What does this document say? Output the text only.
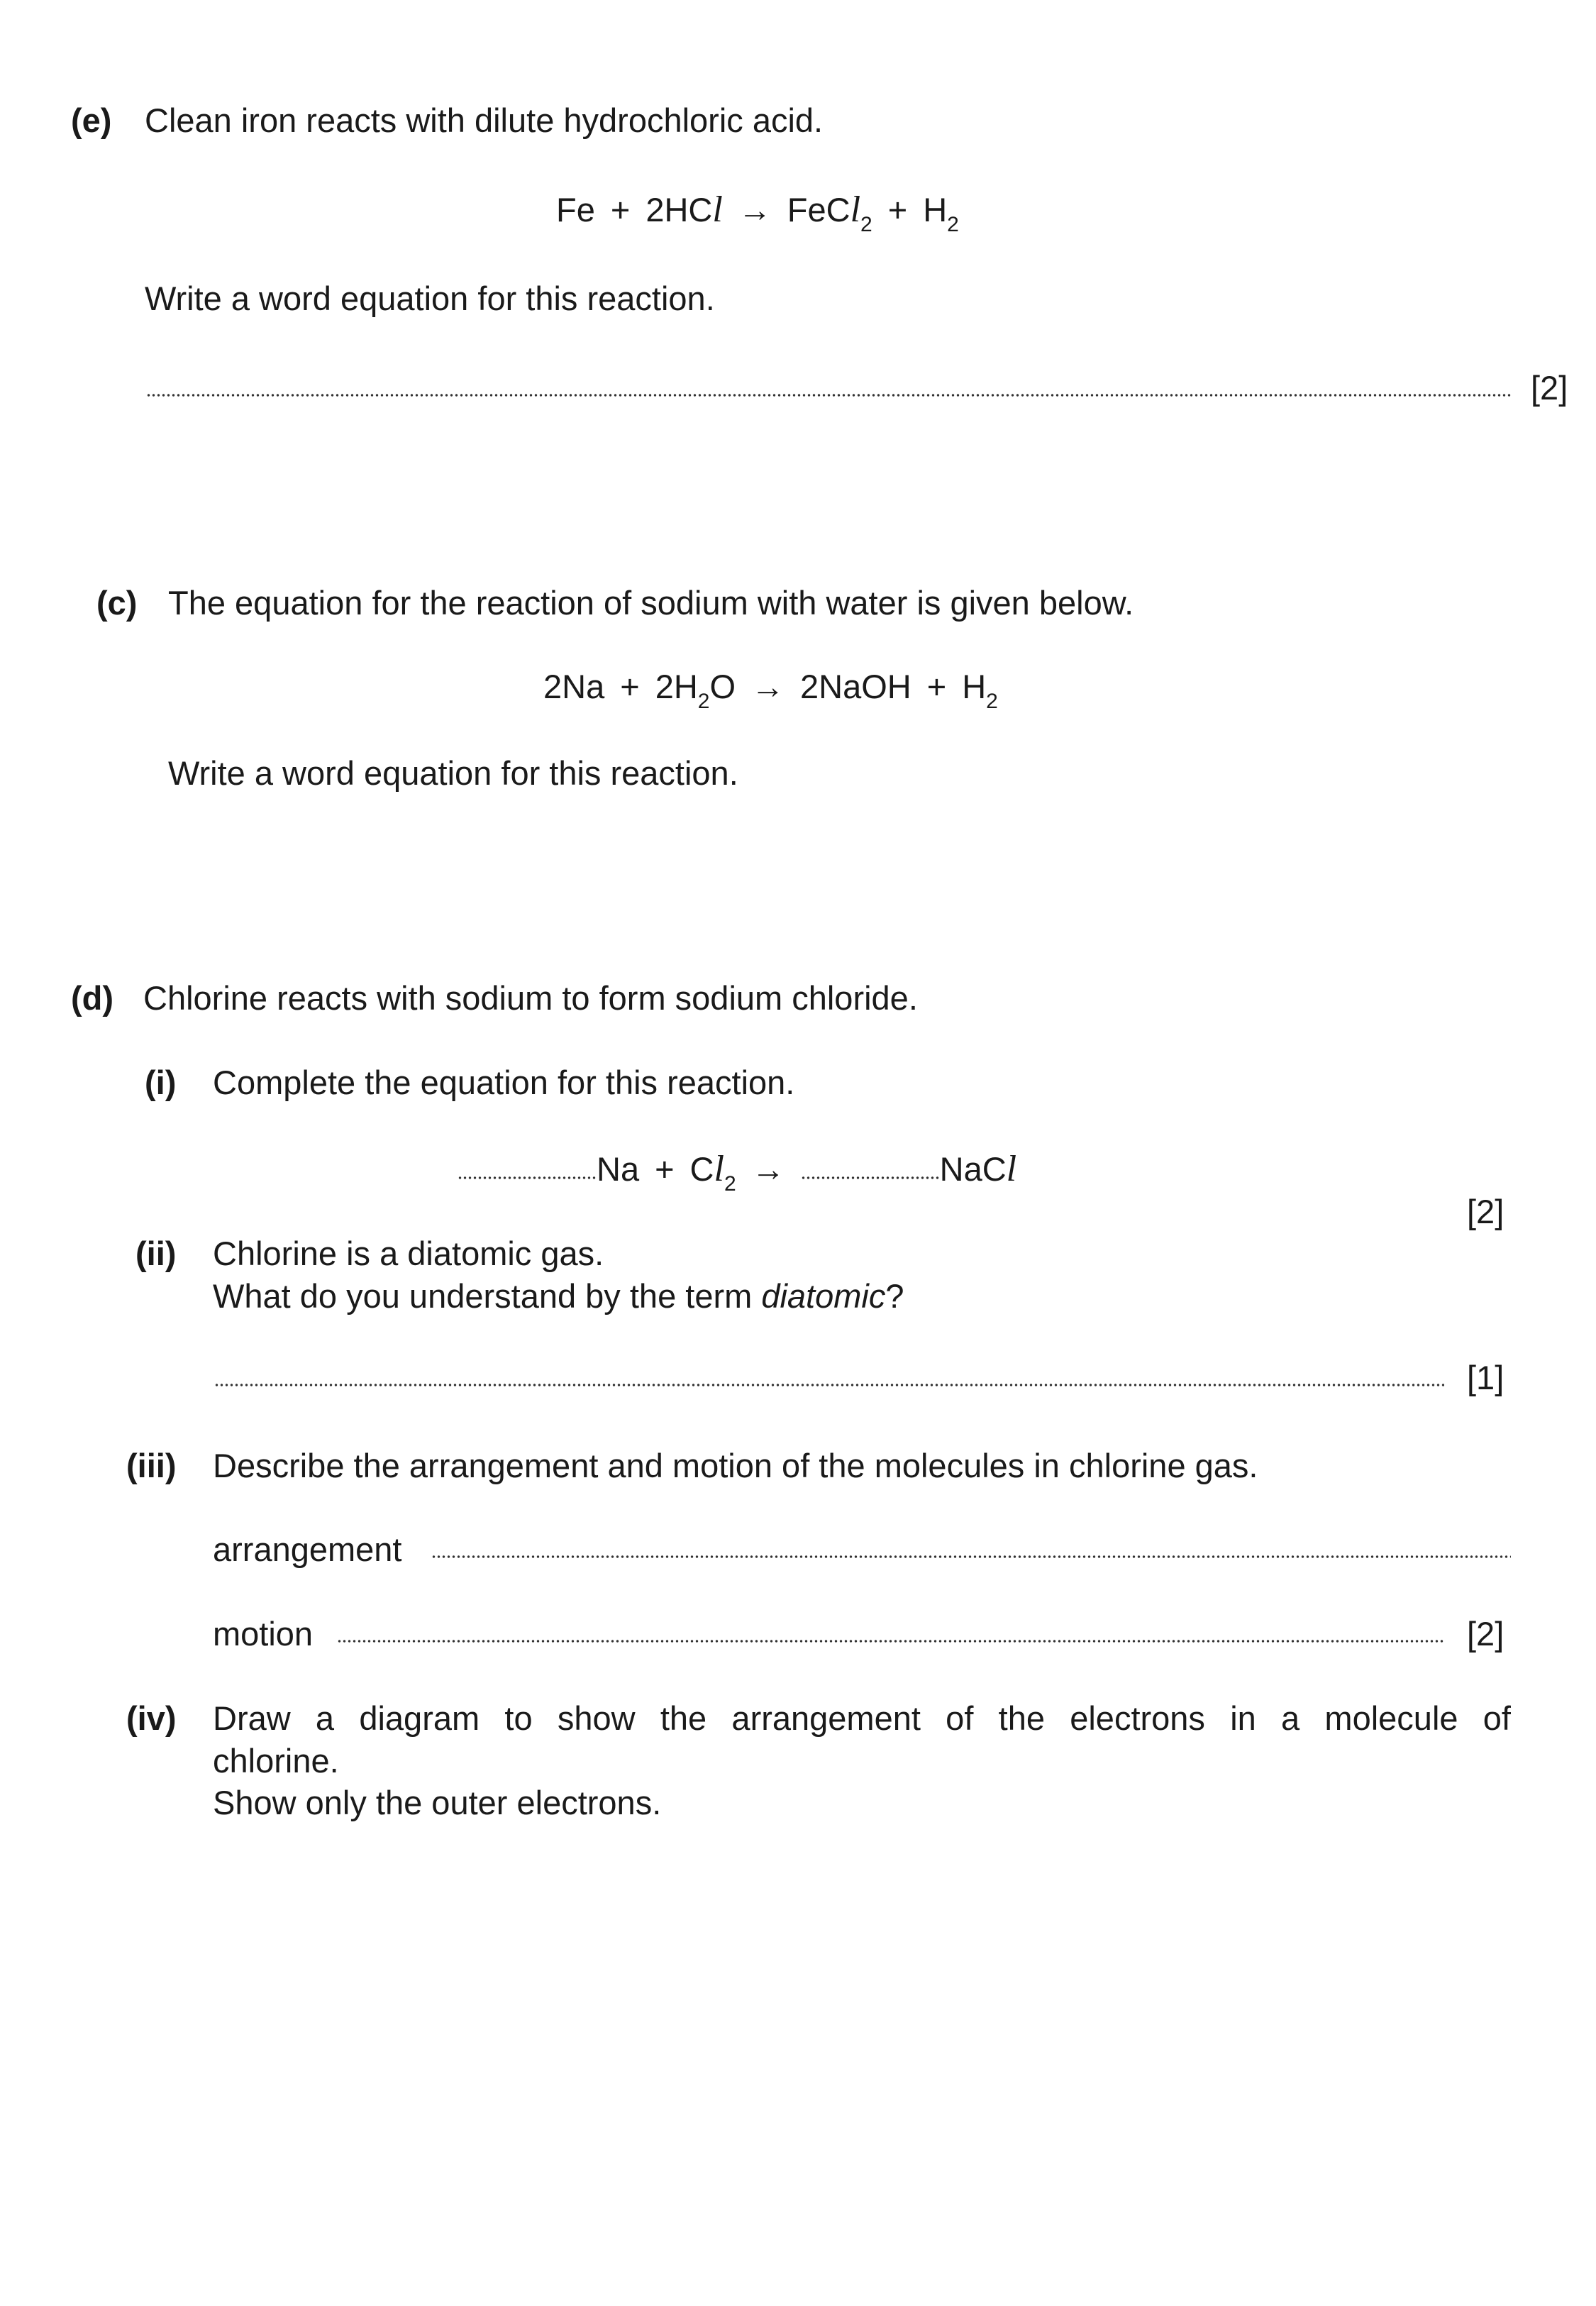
(e) Clean iron reacts with dilute hydrochloric acid.
Fe + 2HCl → FeCl2 + H2
Write a word equation for this reaction.
[2]
(c) The equation for the reaction of sodium with water is given below.
2Na + 2H2O → 2NaOH + H2
Write a word equation for this reaction.
(d) Chlorine reacts with sodium to form sodium chloride.
(i) Complete the equation for this reaction.
Na + Cl2 →	NaCl
[2]
(ii) Chlorine is a diatomic gas.
What do you understand by the term diatomic?
[1]
(iii) Describe the arrangement and motion of the molecules in chlorine gas.
arrangement
motion	[2]
(iv) Draw a diagram to show the arrangement of the electrons in a molecule of
chlorine.
Show only the outer electrons.
